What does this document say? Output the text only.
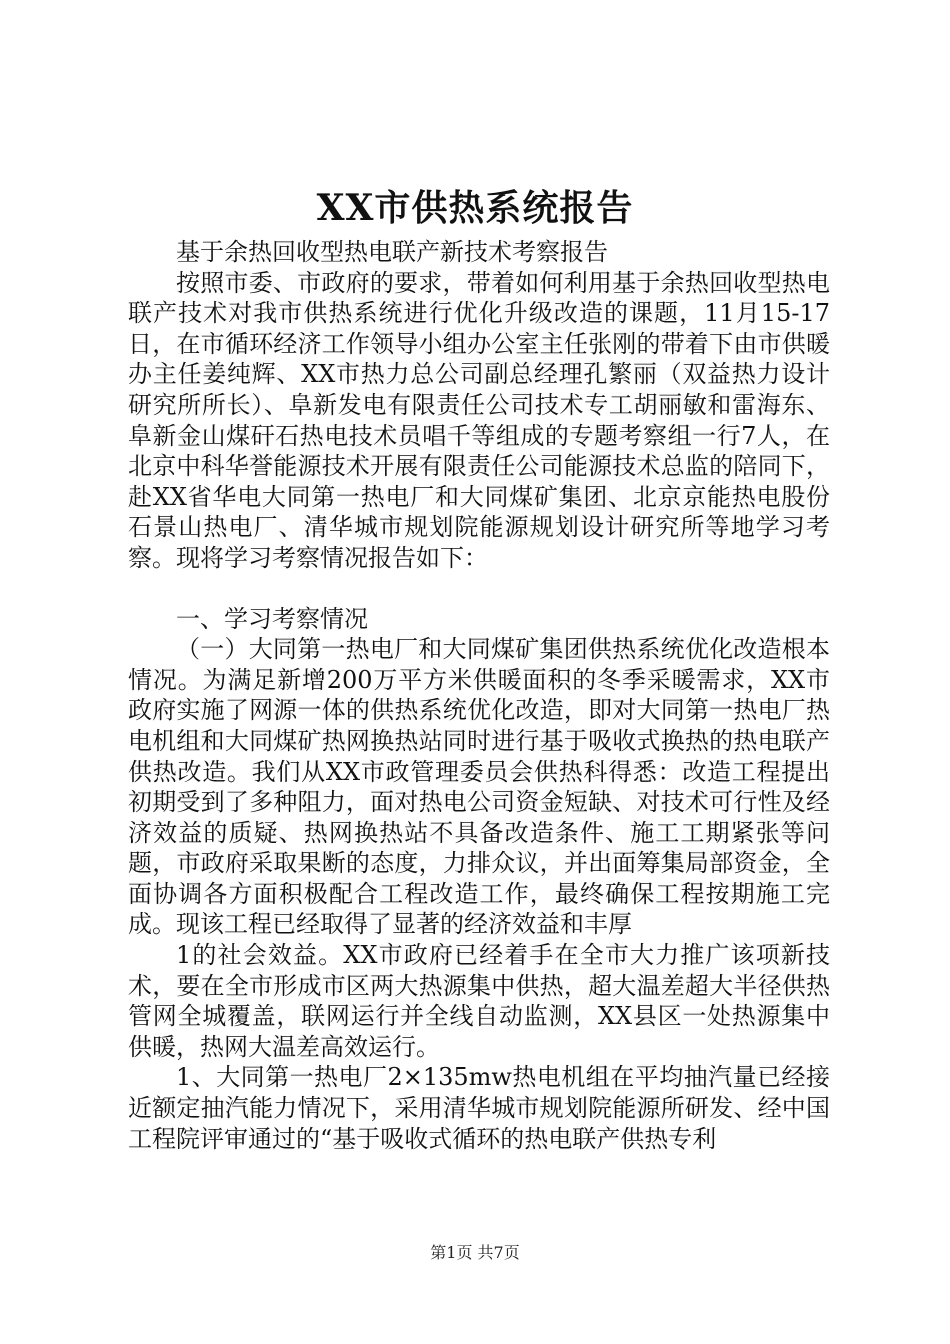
XX市供热系统报告

基于余热回收型热电联产新技术考察报告

按照市委、市政府的要求，带着如何利用基于余热回收型热电联产技术对我市供热系统进行优化升级改造的课题，11月15-17日，在市循环经济工作领导小组办公室主任张刚的带着下由市供暖办主任姜纯辉、XX市热力总公司副总经理孔繁丽（双益热力设计研究所所长）、阜新发电有限责任公司技术专工胡丽敏和雷海东、阜新金山煤矸石热电技术员唱千等组成的专题考察组一行7人，在北京中科华誉能源技术开展有限责任公司能源技术总监的陪同下，赴XX省华电大同第一热电厂和大同煤矿集团、北京京能热电股份石景山热电厂、清华城市规划院能源规划设计研究所等地学习考察。现将学习考察情况报告如下：

一、学习考察情况

（一）大同第一热电厂和大同煤矿集团供热系统优化改造根本情况。为满足新增200万平方米供暖面积的冬季采暖需求，XX市政府实施了网源一体的供热系统优化改造，即对大同第一热电厂热电机组和大同煤矿热网换热站同时进行基于吸收式换热的热电联产供热改造。我们从XX市政管理委员会供热科得悉：改造工程提出初期受到了多种阻力，面对热电公司资金短缺、对技术可行性及经济效益的质疑、热网换热站不具备改造条件、施工工期紧张等问题，市政府采取果断的态度，力排众议，并出面筹集局部资金，全面协调各方面积极配合工程改造工作，最终确保工程按期施工完成。现该工程已经取得了显著的经济效益和丰厚

1的社会效益。XX市政府已经着手在全市大力推广该项新技术，要在全市形成市区两大热源集中供热，超大温差超大半径供热管网全城覆盖，联网运行并全线自动监测，XX县区一处热源集中供暖，热网大温差高效运行。

1、大同第一热电厂2×135mw热电机组在平均抽汽量已经接近额定抽汽能力情况下，采用清华城市规划院能源所研发、经中国工程院评审通过的“基于吸收式循环的热电联产供热专利

第1页 共7页
